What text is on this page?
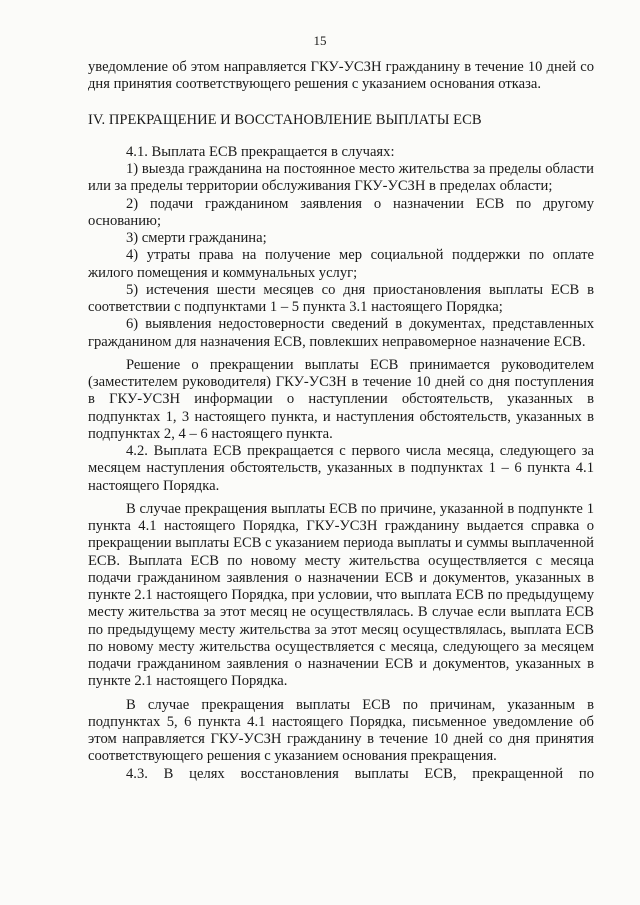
15

уведомление об этом направляется ГКУ-УСЗН гражданину в течение 10 дней со дня принятия соответствующего решения с указанием основания отказа.

IV. ПРЕКРАЩЕНИЕ И ВОССТАНОВЛЕНИЕ ВЫПЛАТЫ ЕСВ

4.1. Выплата ЕСВ прекращается в случаях:

1) выезда гражданина на постоянное место жительства за пределы области или за пределы территории обслуживания ГКУ-УСЗН в пределах области;

2) подачи гражданином заявления о назначении ЕСВ по другому основанию;

3) смерти гражданина;

4) утраты права на получение мер социальной поддержки по оплате жилого помещения и коммунальных услуг;

5) истечения шести месяцев со дня приостановления выплаты ЕСВ в соответствии с подпунктами 1 – 5 пункта 3.1 настоящего Порядка;

6) выявления недостоверности сведений в документах, представленных гражданином для назначения ЕСВ, повлекших неправомерное назначение ЕСВ.

Решение о прекращении выплаты ЕСВ принимается руководителем (заместителем руководителя) ГКУ-УСЗН в течение 10 дней со дня поступления в ГКУ-УСЗН информации о наступлении обстоятельств, указанных в подпунктах 1, 3 настоящего пункта, и наступления обстоятельств, указанных в подпунктах 2, 4 – 6 настоящего пункта.

4.2. Выплата ЕСВ прекращается с первого числа месяца, следующего за месяцем наступления обстоятельств, указанных в подпунктах 1 – 6 пункта 4.1 настоящего Порядка.

В случае прекращения выплаты ЕСВ по причине, указанной в подпункте 1 пункта 4.1 настоящего Порядка, ГКУ-УСЗН гражданину выдается справка о прекращении выплаты ЕСВ с указанием периода выплаты и суммы выплаченной ЕСВ. Выплата ЕСВ по новому месту жительства осуществляется с месяца подачи гражданином заявления о назначении ЕСВ и документов, указанных в пункте 2.1 настоящего Порядка, при условии, что выплата ЕСВ по предыдущему месту жительства за этот месяц не осуществлялась. В случае если выплата ЕСВ по предыдущему месту жительства за этот месяц осуществлялась, выплата ЕСВ по новому месту жительства осуществляется с месяца, следующего за месяцем подачи гражданином заявления о назначении ЕСВ и документов, указанных в пункте 2.1 настоящего Порядка.

В случае прекращения выплаты ЕСВ по причинам, указанным в подпунктах 5, 6 пункта 4.1 настоящего Порядка, письменное уведомление об этом направляется ГКУ-УСЗН гражданину в течение 10 дней со дня принятия соответствующего решения с указанием основания прекращения.

4.3. В целях восстановления выплаты ЕСВ, прекращенной по
